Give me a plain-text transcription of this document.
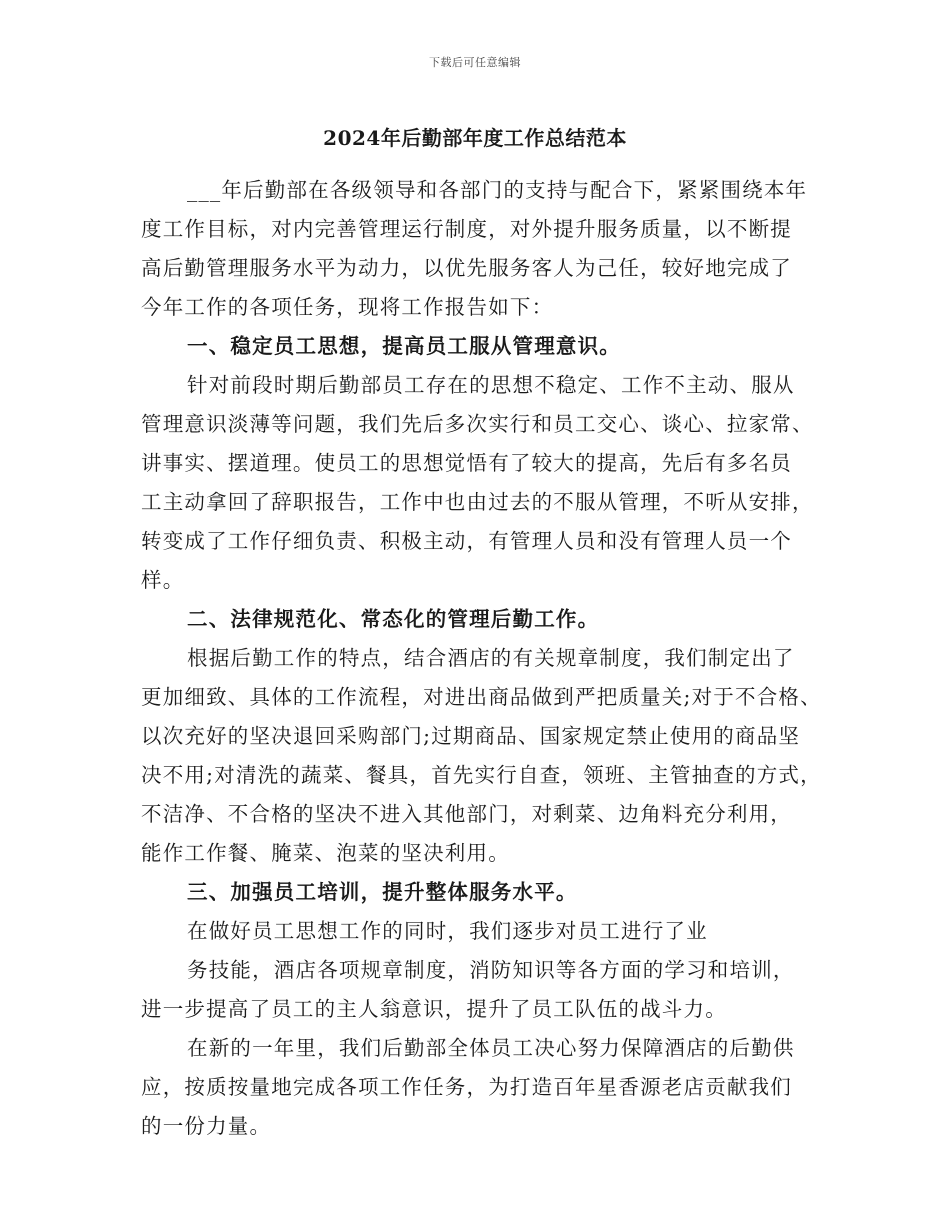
下载后可任意编辑
2024年后勤部年度工作总结范本
___年后勤部在各级领导和各部门的支持与配合下，紧紧围绕本年
度工作目标，对内完善管理运行制度，对外提升服务质量，以不断提
高后勤管理服务水平为动力，以优先服务客人为己任，较好地完成了
今年工作的各项任务，现将工作报告如下：
一、稳定员工思想，提高员工服从管理意识。
针对前段时期后勤部员工存在的思想不稳定、工作不主动、服从
管理意识淡薄等问题，我们先后多次实行和员工交心、谈心、拉家常、
讲事实、摆道理。使员工的思想觉悟有了较大的提高，先后有多名员
工主动拿回了辞职报告，工作中也由过去的不服从管理，不听从安排，
转变成了工作仔细负责、积极主动，有管理人员和没有管理人员一个
样。
二、法律规范化、常态化的管理后勤工作。
根据后勤工作的特点，结合酒店的有关规章制度，我们制定出了
更加细致、具体的工作流程，对进出商品做到严把质量关;对于不合格、
以次充好的坚决退回采购部门;过期商品、国家规定禁止使用的商品坚
决不用;对清洗的蔬菜、餐具，首先实行自查，领班、主管抽查的方式，
不洁净、不合格的坚决不进入其他部门，对剩菜、边角料充分利用，
能作工作餐、腌菜、泡菜的坚决利用。
三、加强员工培训，提升整体服务水平。
在做好员工思想工作的同时，我们逐步对员工进行了业
务技能，酒店各项规章制度，消防知识等各方面的学习和培训，
进一步提高了员工的主人翁意识，提升了员工队伍的战斗力。
在新的一年里，我们后勤部全体员工决心努力保障酒店的后勤供
应，按质按量地完成各项工作任务，为打造百年星香源老店贡献我们
的一份力量。
